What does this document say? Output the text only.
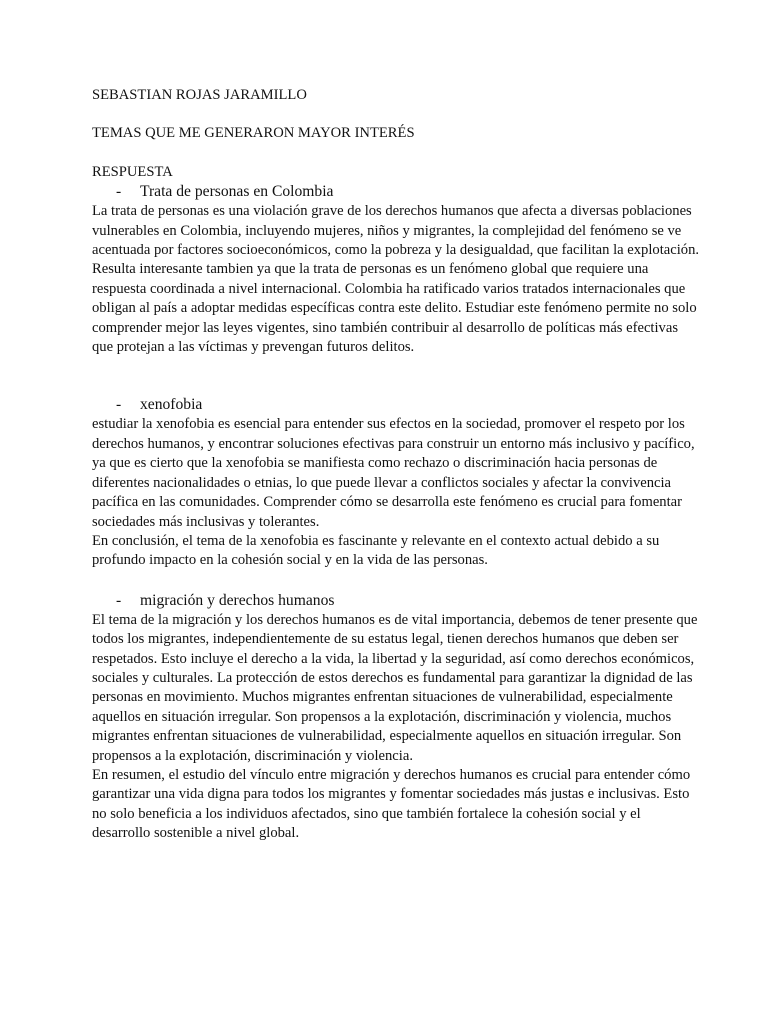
SEBASTIAN ROJAS JARAMILLO

TEMAS QUE ME GENERARON MAYOR INTERÉS

RESPUESTA

-	Trata de personas en Colombia

La trata de personas es una violación grave de los derechos humanos que afecta a diversas poblaciones vulnerables en Colombia, incluyendo mujeres, niños y migrantes, la complejidad del fenómeno se ve acentuada por factores socioeconómicos, como la pobreza y la desigualdad, que facilitan la explotación.

Resulta interesante tambien ya que la trata de personas es un fenómeno global que requiere una respuesta coordinada a nivel internacional. Colombia ha ratificado varios tratados internacionales que obligan al país a adoptar medidas específicas contra este delito. Estudiar este fenómeno permite no solo comprender mejor las leyes vigentes, sino también contribuir al desarrollo de políticas más efectivas que protejan a las víctimas y prevengan futuros delitos.

-	xenofobia

estudiar la xenofobia es esencial para entender sus efectos en la sociedad, promover el respeto por los derechos humanos, y encontrar soluciones efectivas para construir un entorno más inclusivo y pacífico, ya que es cierto que la xenofobia se manifiesta como rechazo o discriminación hacia personas de diferentes nacionalidades o etnias, lo que puede llevar a conflictos sociales y afectar la convivencia pacífica en las comunidades. Comprender cómo se desarrolla este fenómeno es crucial para fomentar sociedades más inclusivas y tolerantes.

En conclusión, el tema de la xenofobia es fascinante y relevante en el contexto actual debido a su profundo impacto en la cohesión social y en la vida de las personas.

-	migración y derechos humanos

El tema de la migración y los derechos humanos es de vital importancia, debemos de tener presente que todos los migrantes, independientemente de su estatus legal, tienen derechos humanos que deben ser respetados. Esto incluye el derecho a la vida, la libertad y la seguridad, así como derechos económicos, sociales y culturales. La protección de estos derechos es fundamental para garantizar la dignidad de las personas en movimiento. Muchos migrantes enfrentan situaciones de vulnerabilidad, especialmente aquellos en situación irregular. Son propensos a la explotación, discriminación y violencia, muchos migrantes enfrentan situaciones de vulnerabilidad, especialmente aquellos en situación irregular. Son propensos a la explotación, discriminación y violencia.

En resumen, el estudio del vínculo entre migración y derechos humanos es crucial para entender cómo garantizar una vida digna para todos los migrantes y fomentar sociedades más justas e inclusivas. Esto no solo beneficia a los individuos afectados, sino que también fortalece la cohesión social y el desarrollo sostenible a nivel global.
